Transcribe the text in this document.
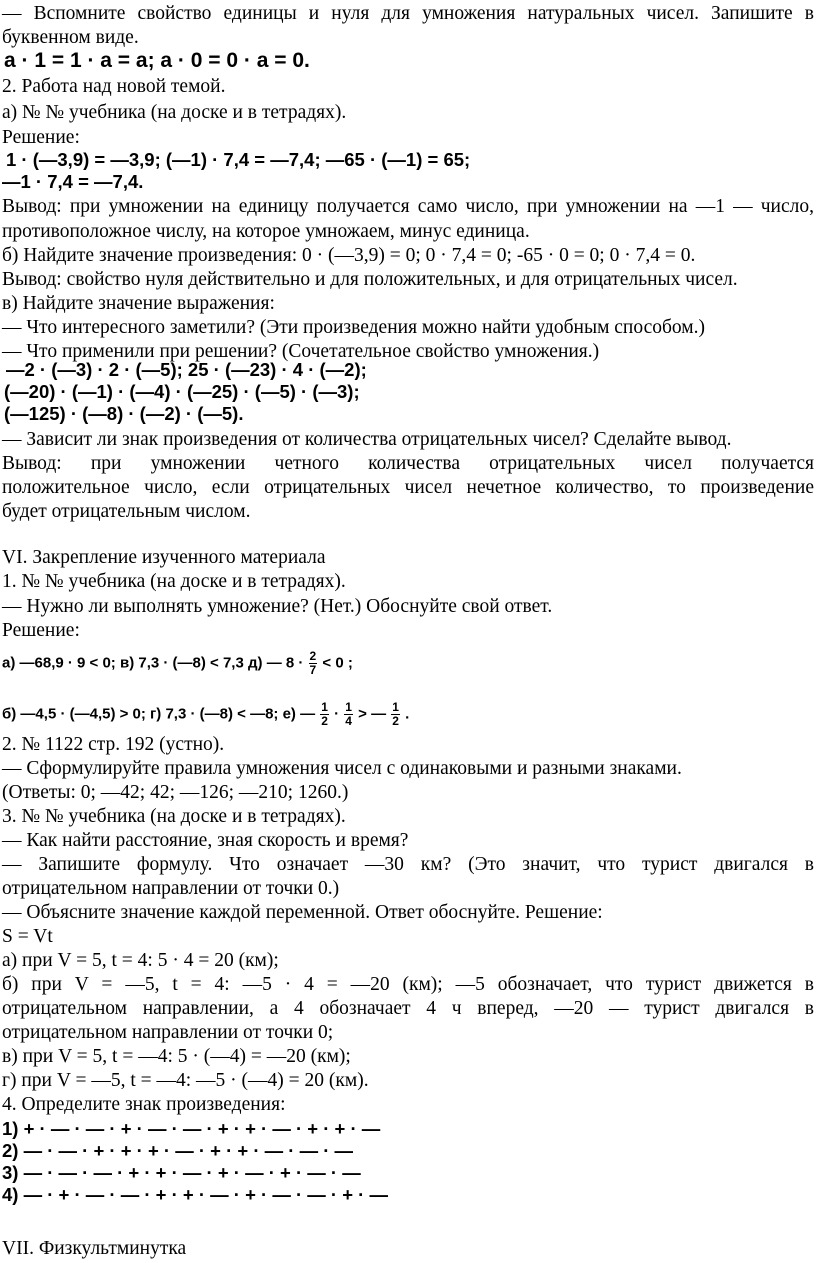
— Вспомните свойство единицы и нуля для умножения натуральных чисел. Запишите в
буквенном виде.
a · 1 = 1 · a = a; a · 0 = 0 · a = 0.
2. Работа над новой темой.
а) № № учебника (на доске и в тетрадях).
Решение:
1 · (—3,9) = —3,9; (—1) · 7,4 = —7,4; —65 · (—1) = 65;
—1 · 7,4 = —7,4.
Вывод: при умножении на единицу получается само число, при умножении на —1 — число,
противоположное числу, на которое умножаем, минус единица.
б) Найдите значение произведения: 0 · (—3,9) = 0; 0 · 7,4 = 0; -65 · 0 = 0; 0 · 7,4 = 0.
Вывод: свойство нуля действительно и для положительных, и для отрицательных чисел.
в) Найдите значение выражения:
— Что интересного заметили? (Эти произведения можно найти удобным способом.)
— Что применили при решении? (Сочетательное свойство умножения.)
—2 · (—3) · 2 · (—5); 25 · (—23) · 4 · (—2);
(—20) · (—1) · (—4) · (—25) · (—5) · (—3);
(—125) · (—8) · (—2) · (—5).
— Зависит ли знак произведения от количества отрицательных чисел? Сделайте вывод.
Вывод: при умножении четного количества отрицательных чисел получается
положительное число, если отрицательных чисел нечетное количество, то произведение
будет отрицательным числом.
VI. Закрепление изученного материала
1. № № учебника (на доске и в тетрадях).
— Нужно ли выполнять умножение? (Нет.) Обоснуйте свой ответ.
Решение:
а) —68,9 · 9 < 0; в) 7,3 · (—8) < 7,3 д) — $8 \cdot \frac{2}{7} < 0$ ;
б) —4,5 · (—4,5) > 0; г) 7,3 · (—8) < —8; е) — $\frac{1}{2} \cdot \frac{1}{4}$ > — $\frac{1}{2}$ .
2. № 1122 стр. 192 (устно).
— Сформулируйте правила умножения чисел с одинаковыми и разными знаками.
(Ответы: 0; —42; 42; —126; —210; 1260.)
3. № № учебника (на доске и в тетрадях).
— Как найти расстояние, зная скорость и время?
— Запишите формулу. Что означает —30 км? (Это значит, что турист двигался в
отрицательном направлении от точки 0.)
— Объясните значение каждой переменной. Ответ обоснуйте. Решение:
S = Vt
а) при V = 5, t = 4: 5 · 4 = 20 (км);
б) при V = —5, t = 4: —5 · 4 = —20 (км); —5 обозначает, что турист движется в
отрицательном направлении, а 4 обозначает 4 ч вперед, —20 — турист двигался в
отрицательном направлении от точки 0;
в) при V = 5, t = —4: 5 · (—4) = —20 (км);
г) при V = —5, t = —4: —5 · (—4) = 20 (км).
4. Определите знак произведения:
1) + · — · — · + · — · — · + · + · — · + · + · —
2) — · — · + · + · + · — · + · + · — · — · —
3) — · — · — · + · + · — · + · — · + · — · —
4) — · + · — · — · + · + · — · + · — · — · + · —
VII. Физкультминутка
